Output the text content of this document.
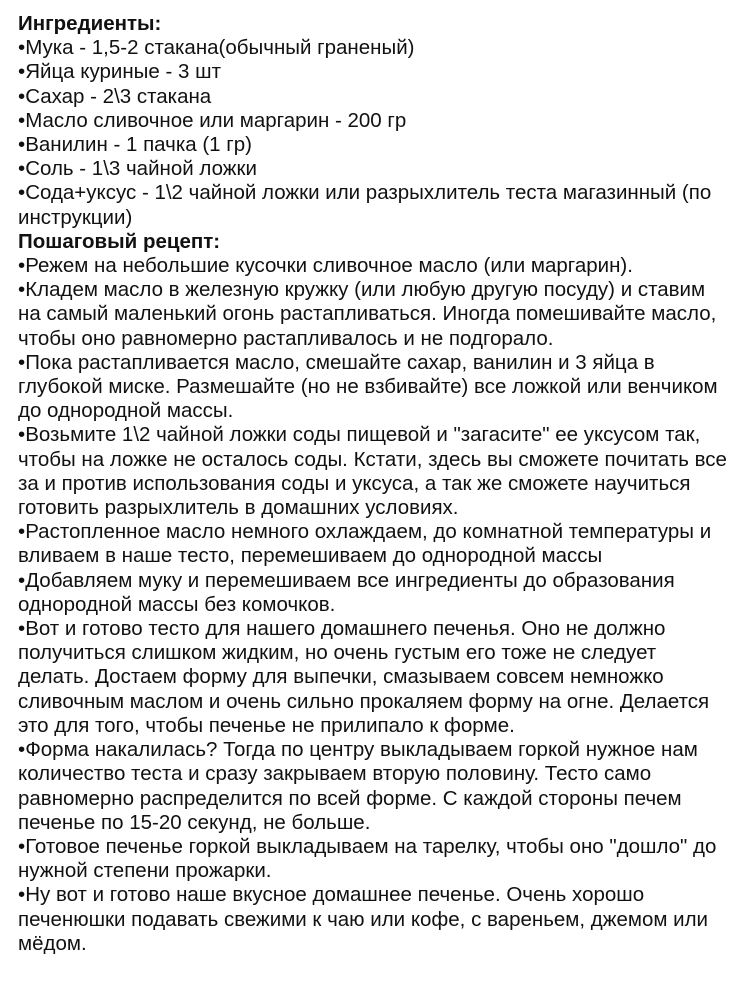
Ингредиенты:
•Мука - 1,5-2 стакана(обычный граненый)
•Яйца куриные - 3 шт
•Сахар - 2\3 стакана
•Масло сливочное или маргарин - 200 гр
•Ванилин - 1 пачка (1 гр)
•Соль - 1\3 чайной ложки
•Сода+уксус - 1\2 чайной ложки или разрыхлитель теста магазинный (по инструкции)
Пошаговый рецепт:
•Режем на небольшие кусочки сливочное масло (или маргарин).
•Кладем масло в железную кружку (или любую другую посуду) и ставим на самый маленький огонь растапливаться. Иногда помешивайте масло, чтобы оно равномерно растапливалось и не подгорало.
•Пока растапливается масло, смешайте сахар, ванилин и 3 яйца в глубокой миске. Размешайте (но не взбивайте) все ложкой или венчиком до однородной массы.
•Возьмите 1\2 чайной ложки соды пищевой и "загасите" ее уксусом так, чтобы на ложке не осталось соды. Кстати, здесь вы сможете почитать все за и против использования соды и уксуса, а так же сможете научиться готовить разрыхлитель в домашних условиях.
•Растопленное масло немного охлаждаем, до комнатной температуры и вливаем в наше тесто, перемешиваем до однородной массы
•Добавляем муку и перемешиваем все ингредиенты до образования однородной массы без комочков.
•Вот и готово тесто для нашего домашнего печенья. Оно не должно получиться слишком жидким, но очень густым его тоже не следует делать. Достаем форму для выпечки, смазываем совсем немножко сливочным маслом и очень сильно прокаляем форму на огне. Делается это для того, чтобы печенье не прилипало к форме.
•Форма накалилась? Тогда по центру выкладываем горкой нужное нам количество теста и сразу закрываем вторую половину. Тесто само равномерно распределится по всей форме. С каждой стороны печем печенье по 15-20 секунд, не больше.
•Готовое печенье горкой выкладываем на тарелку, чтобы оно "дошло" до нужной степени прожарки.
•Ну вот и готово наше вкусное домашнее печенье. Очень хорошо печенюшки подавать свежими к чаю или кофе, с вареньем, джемом или мёдом.
